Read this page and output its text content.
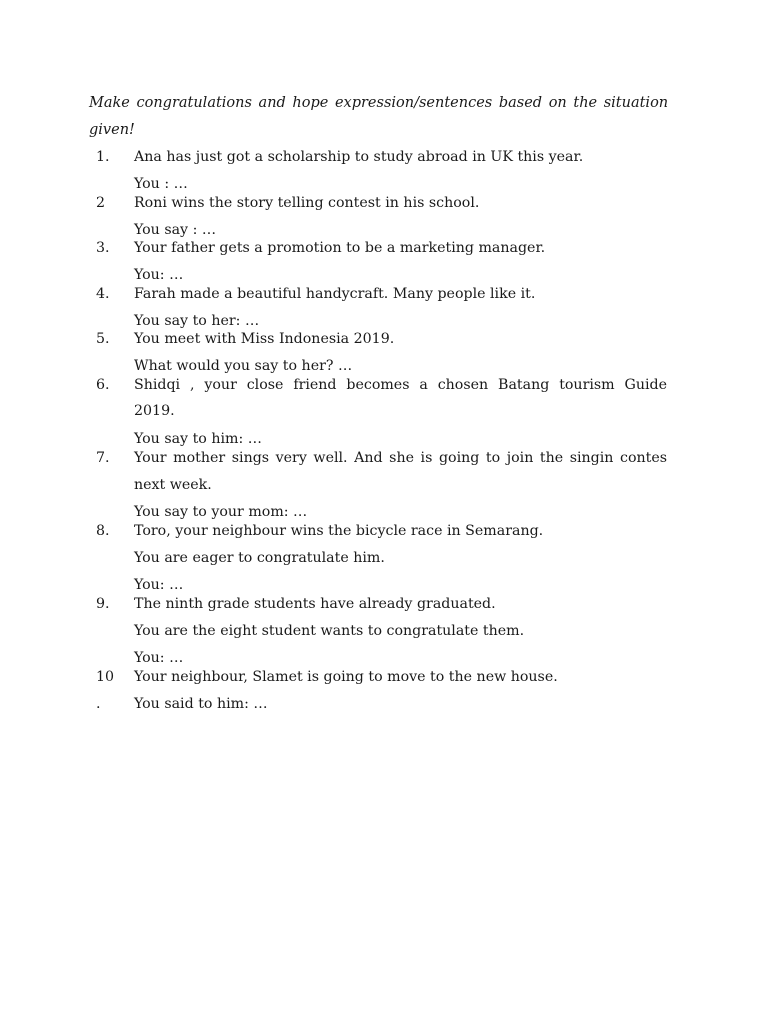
Make congratulations and hope expression/sentences based on the situation
given!
1.	Ana has just got a scholarship to study abroad in UK this year.
You : …
2	Roni wins the story telling contest in his school.
You say : …
3.	Your father gets a promotion to be a marketing manager.
You: …
4.	Farah made a beautiful handycraft. Many people like it.
You say to her: …
5.	You meet with Miss Indonesia 2019.
What would you say to her? …
6.	Shidqi , your close friend becomes a chosen Batang tourism Guide
2019.
You say to him: …
7.	Your mother sings very well. And she is going to join the singin contes
next week.
You say to your mom: …
8.	Toro, your neighbour wins the bicycle race in Semarang.
You are eager to congratulate him.
You: …
9.	The ninth grade students have already graduated.
You are the eight student wants to congratulate them.
You: …
10
.
Your neighbour, Slamet is going to move to the new house.
You said to him: …
